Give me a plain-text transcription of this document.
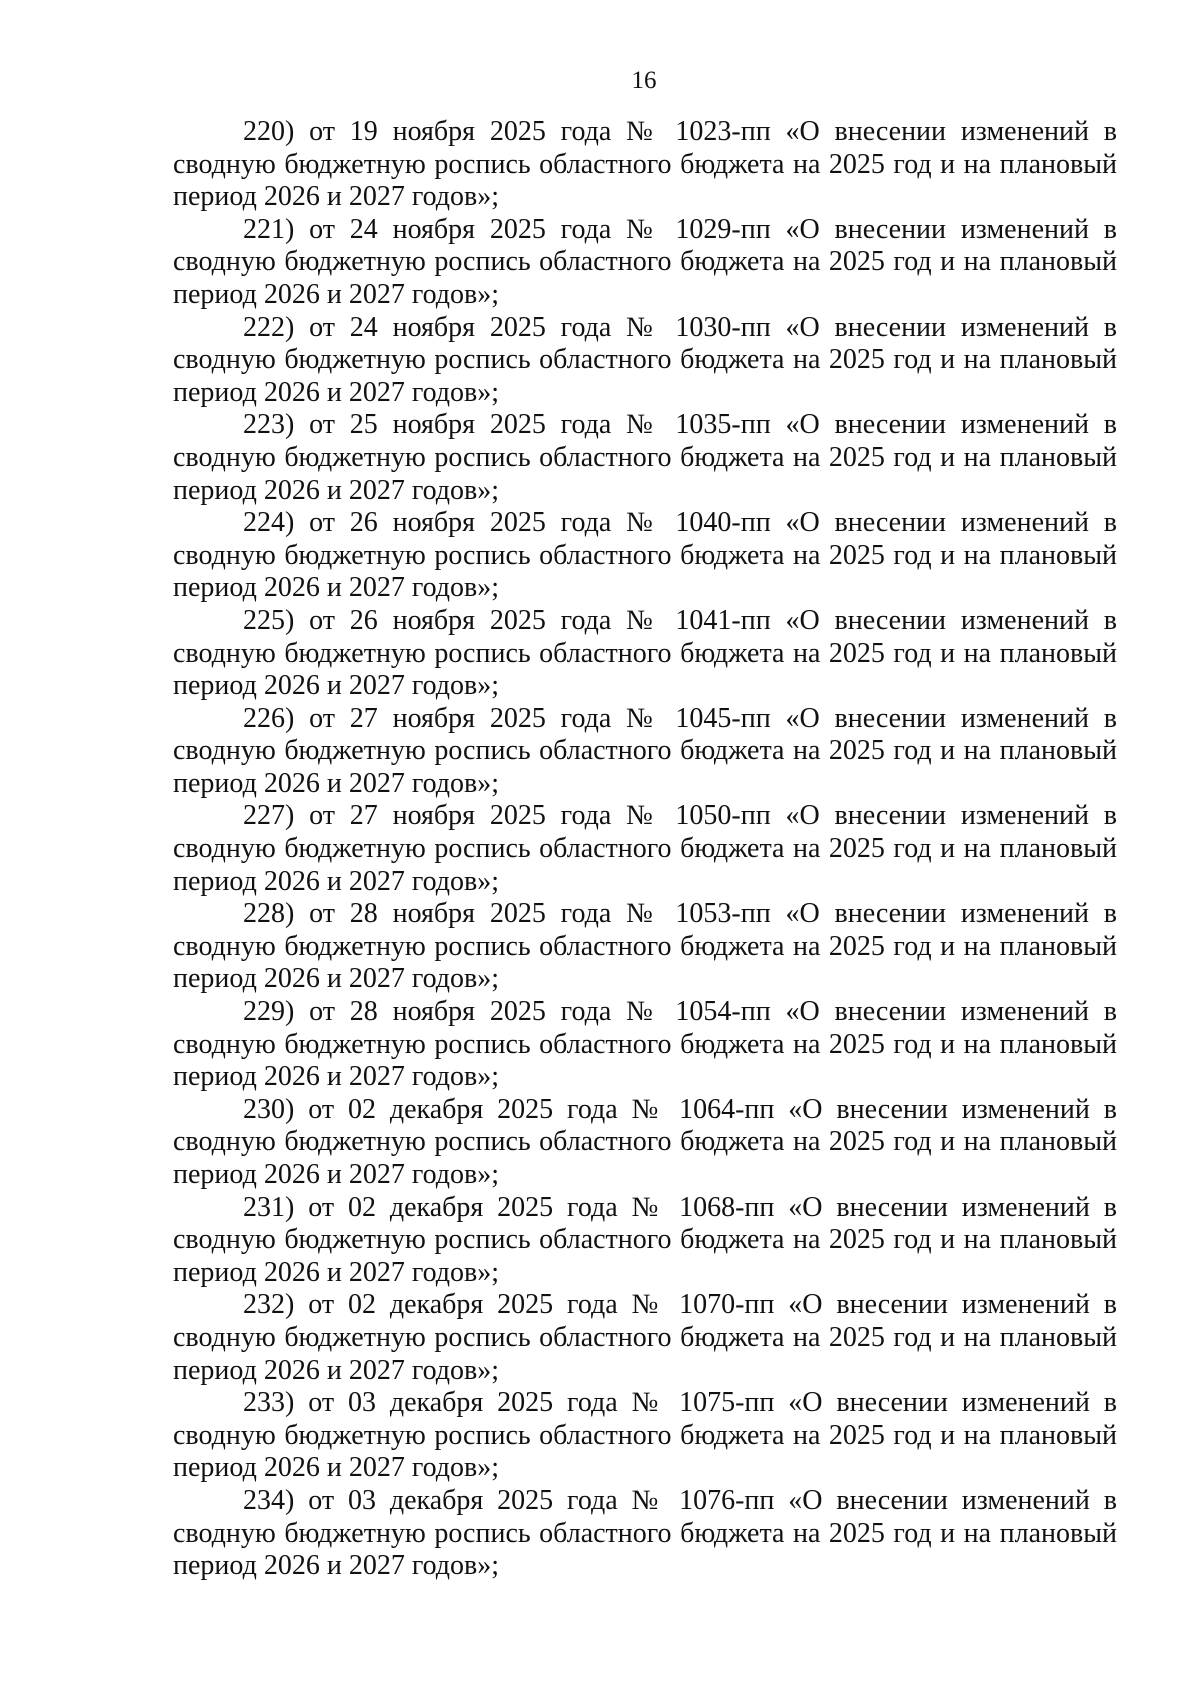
16

220) от 19 ноября 2025 года № 1023-пп «О внесении изменений в сводную бюджетную роспись областного бюджета на 2025 год и на плановый период 2026 и 2027 годов»;

221) от 24 ноября 2025 года № 1029-пп «О внесении изменений в сводную бюджетную роспись областного бюджета на 2025 год и на плановый период 2026 и 2027 годов»;

222) от 24 ноября 2025 года № 1030-пп «О внесении изменений в сводную бюджетную роспись областного бюджета на 2025 год и на плановый период 2026 и 2027 годов»;

223) от 25 ноября 2025 года № 1035-пп «О внесении изменений в сводную бюджетную роспись областного бюджета на 2025 год и на плановый период 2026 и 2027 годов»;

224) от 26 ноября 2025 года № 1040-пп «О внесении изменений в сводную бюджетную роспись областного бюджета на 2025 год и на плановый период 2026 и 2027 годов»;

225) от 26 ноября 2025 года № 1041-пп «О внесении изменений в сводную бюджетную роспись областного бюджета на 2025 год и на плановый период 2026 и 2027 годов»;

226) от 27 ноября 2025 года № 1045-пп «О внесении изменений в сводную бюджетную роспись областного бюджета на 2025 год и на плановый период 2026 и 2027 годов»;

227) от 27 ноября 2025 года № 1050-пп «О внесении изменений в сводную бюджетную роспись областного бюджета на 2025 год и на плановый период 2026 и 2027 годов»;

228) от 28 ноября 2025 года № 1053-пп «О внесении изменений в сводную бюджетную роспись областного бюджета на 2025 год и на плановый период 2026 и 2027 годов»;

229) от 28 ноября 2025 года № 1054-пп «О внесении изменений в сводную бюджетную роспись областного бюджета на 2025 год и на плановый период 2026 и 2027 годов»;

230) от 02 декабря 2025 года № 1064-пп «О внесении изменений в сводную бюджетную роспись областного бюджета на 2025 год и на плановый период 2026 и 2027 годов»;

231) от 02 декабря 2025 года № 1068-пп «О внесении изменений в сводную бюджетную роспись областного бюджета на 2025 год и на плановый период 2026 и 2027 годов»;

232) от 02 декабря 2025 года № 1070-пп «О внесении изменений в сводную бюджетную роспись областного бюджета на 2025 год и на плановый период 2026 и 2027 годов»;

233) от 03 декабря 2025 года № 1075-пп «О внесении изменений в сводную бюджетную роспись областного бюджета на 2025 год и на плановый период 2026 и 2027 годов»;

234) от 03 декабря 2025 года № 1076-пп «О внесении изменений в сводную бюджетную роспись областного бюджета на 2025 год и на плановый период 2026 и 2027 годов»;
